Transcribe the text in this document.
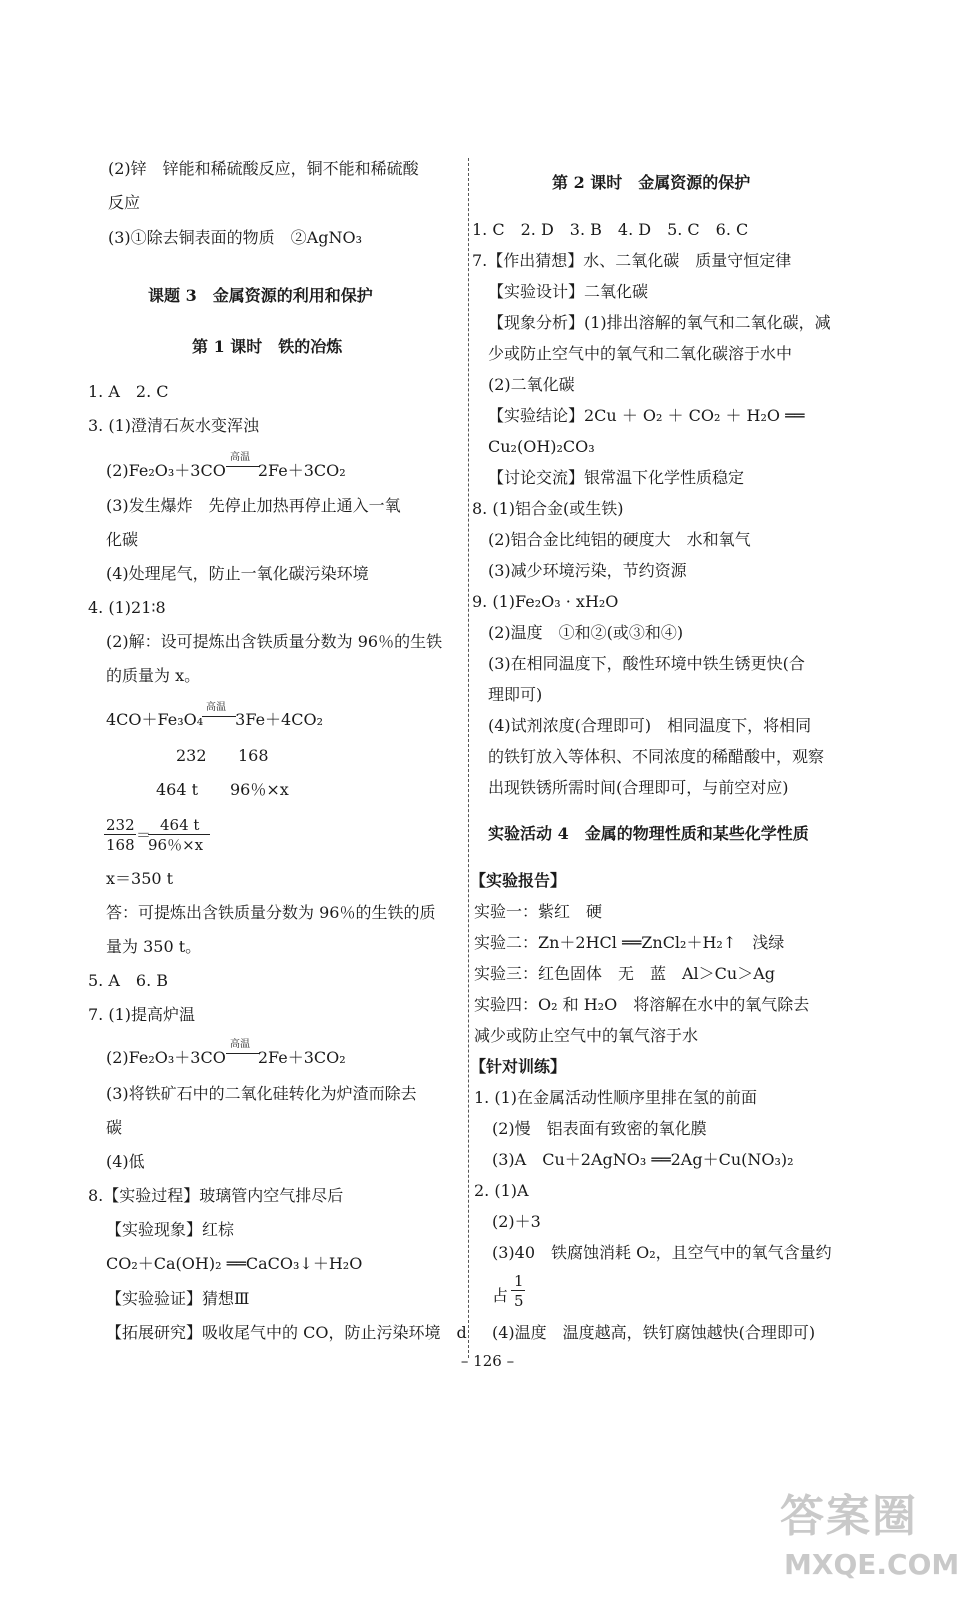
(2)锌　锌能和稀硫酸反应，铜不能和稀硫酸
反应
(3)①除去铜表面的物质　②AgNO₃
课题 3　金属资源的利用和保护
第 1 课时　铁的冶炼
1. A　2. C
3. (1)澄清石灰水变浑浊
(2)Fe₂O₃＋3CO　　2Fe＋3CO₂
高温
(3)发生爆炸　先停止加热再停止通入一氧
化碳
(4)处理尾气，防止一氧化碳污染环境
4. (1)21∶8
(2)解：设可提炼出含铁质量分数为 96％的生铁
的质量为 x。
4CO＋Fe₃O₄　　3Fe＋4CO₂
高温
232 168
464 t 96％×x
232
168
＝
464 t
96％×x
x＝350 t
答：可提炼出含铁质量分数为 96％的生铁的质
量为 350 t。
5. A　6. B
7. (1)提高炉温
(2)Fe₂O₃＋3CO　　2Fe＋3CO₂
高温
(3)将铁矿石中的二氧化硅转化为炉渣而除去
碳
(4)低
8.【实验过程】玻璃管内空气排尽后
【实验现象】红棕
CO₂＋Ca(OH)₂ ══CaCO₃↓＋H₂O
【实验验证】猜想Ⅲ
【拓展研究】吸收尾气中的 CO，防止污染环境　d
第 2 课时　金属资源的保护
1. C　2. D　3. B　4. D　5. C　6. C
7.【作出猜想】水、二氧化碳　质量守恒定律
【实验设计】二氧化碳
【现象分析】(1)排出溶解的氧气和二氧化碳，减
少或防止空气中的氧气和二氧化碳溶于水中
(2)二氧化碳
【实验结论】2Cu ＋ O₂ ＋ CO₂ ＋ H₂O ══
Cu₂(OH)₂CO₃
【讨论交流】银常温下化学性质稳定
8. (1)铝合金(或生铁)
(2)铝合金比纯铝的硬度大　水和氧气
(3)减少环境污染，节约资源
9. (1)Fe₂O₃ · xH₂O
(2)温度　①和②(或③和④)
(3)在相同温度下，酸性环境中铁生锈更快(合
理即可)
(4)试剂浓度(合理即可)　相同温度下，将相同
的铁钉放入等体积、不同浓度的稀醋酸中，观察
出现铁锈所需时间(合理即可，与前空对应)
实验活动 4　金属的物理性质和某些化学性质
【实验报告】
实验一：紫红　硬
实验二：Zn＋2HCl ══ZnCl₂＋H₂↑　浅绿
实验三：红色固体　无　蓝　Al＞Cu＞Ag
实验四：O₂ 和 H₂O　将溶解在水中的氧气除去
减少或防止空气中的氧气溶于水
【针对训练】
1. (1)在金属活动性顺序里排在氢的前面
(2)慢　铝表面有致密的氧化膜
(3)A　Cu＋2AgNO₃ ══2Ag＋Cu(NO₃)₂
2. (1)A
(2)＋3
(3)40　铁腐蚀消耗 O₂，且空气中的氧气含量约
占
1
5
(4)温度　温度越高，铁钉腐蚀越快(合理即可)
– 126 –
答案圈
MXQE.COM
